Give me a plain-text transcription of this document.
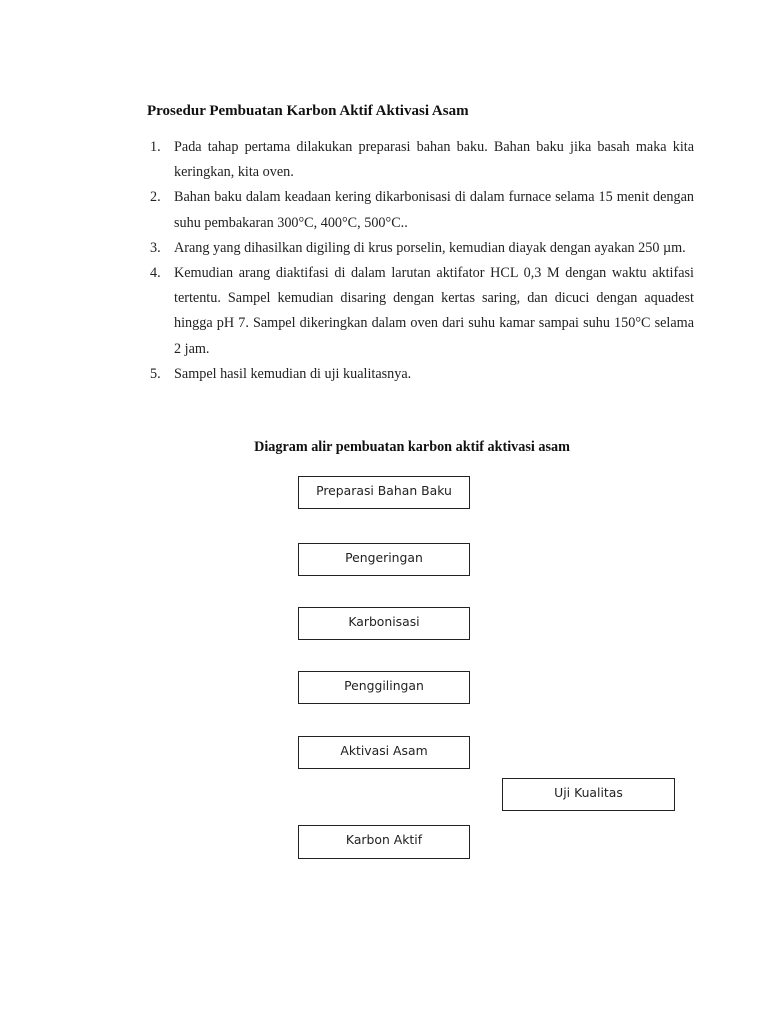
Prosedur Pembuatan Karbon Aktif Aktivasi Asam
1. Pada tahap pertama dilakukan preparasi bahan baku. Bahan baku jika basah maka kita keringkan, kita oven.
2. Bahan baku dalam keadaan kering dikarbonisasi di dalam furnace selama 15 menit dengan suhu pembakaran 300°C, 400°C, 500°C..
3. Arang yang dihasilkan digiling di krus porselin, kemudian diayak dengan ayakan 250 µm.
4. Kemudian arang diaktifasi di dalam larutan aktifator HCL 0,3 M dengan waktu aktifasi tertentu. Sampel kemudian disaring dengan kertas saring, dan dicuci dengan aquadest hingga pH 7. Sampel dikeringkan dalam oven dari suhu kamar sampai suhu 150°C selama 2 jam.
5. Sampel hasil kemudian di uji kualitasnya.
Diagram alir pembuatan karbon aktif aktivasi asam
Preparasi Bahan Baku
Pengeringan
Karbonisasi
Penggilingan
Aktivasi Asam
Uji Kualitas
Karbon Aktif
